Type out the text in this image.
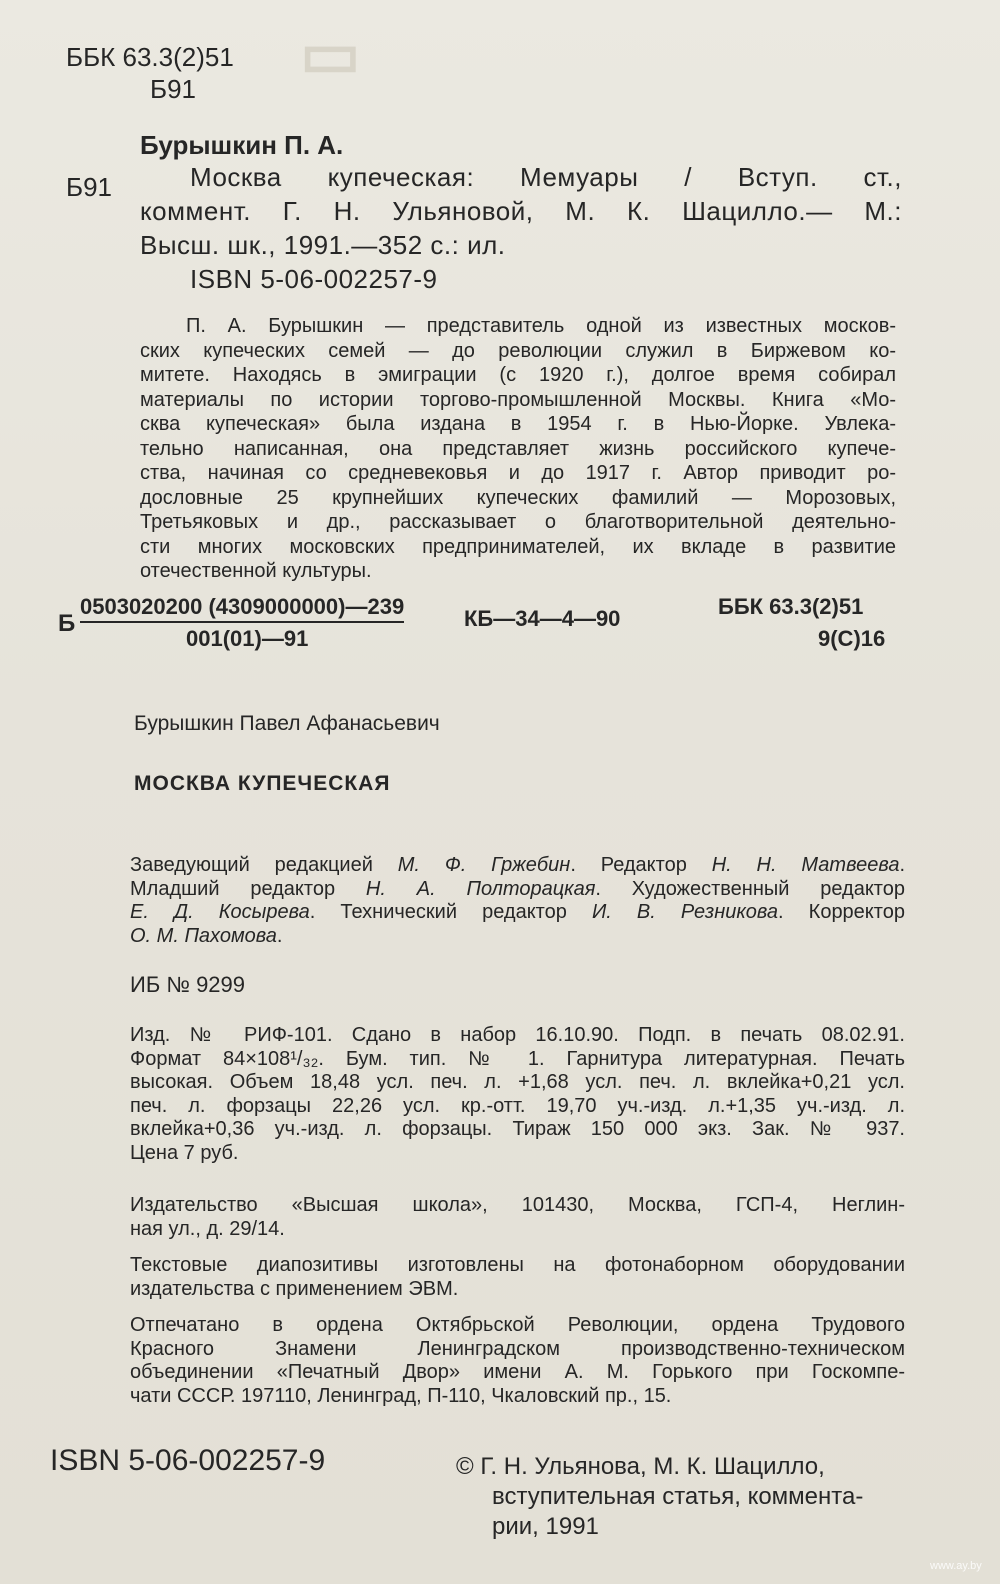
▭
ББК 63.3(2)51
Б91
Бурышкин П. А.
Б91	Москва купеческая: Мемуары / Вступ. ст.,
коммент. Г. Н. Ульяновой, М. К. Шацилло.— М.:
Высш. шк., 1991.—352 с.: ил.
ISBN 5-06-002257-9
П. А. Бурышкин — представитель одной из известных москов-
ских купеческих семей — до революции служил в Биржевом ко-
митете. Находясь в эмиграции (с 1920 г.), долгое время собирал
материалы по истории торгово-промышленной Москвы. Книга «Мо-
сква купеческая» была издана в 1954 г. в Нью-Йорке. Увлека-
тельно написанная, она представляет жизнь российского купече-
ства, начиная со средневековья и до 1917 г. Автор приводит ро-
дословные 25 крупнейших купеческих фамилий — Морозовых,
Третьяковых и др., рассказывает о благотворительной деятельно-
сти многих московских предпринимателей, их вкладе в развитие
отечественной культуры.
Б
0503020200 (4309000000)—239
001(01)—91
КБ—34—4—90	ББК 63.3(2)51
9(С)16
Бурышкин Павел Афанасьевич
МОСКВА КУПЕЧЕСКАЯ
Заведующий редакцией М. Ф. Гржебин. Редактор Н. Н. Матвеева.
Младший редактор Н. А. Полторацкая. Художественный редактор
Е. Д. Косырева. Технический редактор И. В. Резникова. Корректор
О. М. Пахомова.
ИБ № 9299
Изд. № РИФ-101. Сдано в набор 16.10.90. Подп. в печать 08.02.91.
Формат 84×108¹/₃₂. Бум. тип. № 1. Гарнитура литературная. Печать
высокая. Объем 18,48 усл. печ. л. +1,68 усл. печ. л. вклейка+0,21 усл.
печ. л. форзацы 22,26 усл. кр.-отт. 19,70 уч.-изд. л.+1,35 уч.-изд. л.
вклейка+0,36 уч.-изд. л. форзацы. Тираж 150 000 экз. Зак. № 937.
Цена 7 руб.
Издательство «Высшая школа», 101430, Москва, ГСП-4, Неглин-
ная ул., д. 29/14.
Текстовые диапозитивы изготовлены на фотонаборном оборудовании
издательства с применением ЭВМ.
Отпечатано в ордена Октябрьской Революции, ордена Трудового
Красного Знамени Ленинградском производственно-техническом
объединении «Печатный Двор» имени А. М. Горького при Госкомпе-
чати СССР. 197110, Ленинград, П-110, Чкаловский пр., 15.
ISBN 5-06-002257-9	© Г. Н. Ульянова, М. К. Шацилло,
вступительная статья, коммента-
рии, 1991
www.ay.by
